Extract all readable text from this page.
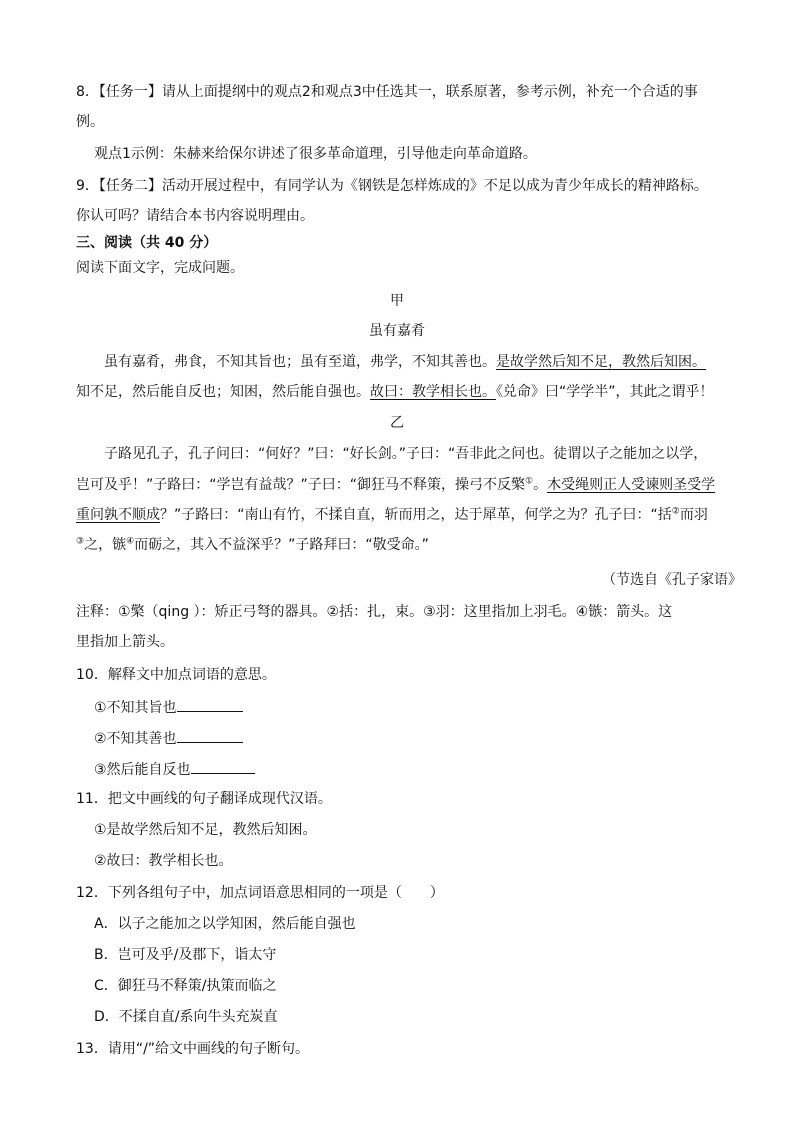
8．【任务一】请从上面提纲中的观点2和观点3中任选其一，联系原著，参考示例，补充一个合适的事
例。
观点1示例：朱赫来给保尔讲述了很多革命道理，引导他走向革命道路。
9．【任务二】活动开展过程中，有同学认为《钢铁是怎样炼成的》不足以成为青少年成长的精神路标。
你认可吗？请结合本书内容说明理由。
三、阅读（共 40 分）
阅读下面文字，完成问题。
甲
虽有嘉肴
虽有嘉肴，弗食，不知其旨也；虽有至道，弗学，不知其善也。是故学然后知不足，教然后知困。
知不足，然后能自反也；知困，然后能自强也。故曰：教学相长也。《兑命》曰“学学半”，其此之谓乎！
乙
子路见孔子，孔子问曰：“何好？”曰：“好长剑。”子曰：“吾非此之问也。徒谓以子之能加之以学，
岂可及乎！”子路曰：“学岂有益哉？”子曰：“御狂马不释策，操弓不反檠①。木受绳则正人受谏则圣受学
重问孰不顺成？”子路曰：“南山有竹，不揉自直，斩而用之，达于犀革，何学之为？孔子曰：“括②而羽
③之，镞④而砺之，其入不益深乎？”子路拜曰：“敬受命。”
（节选自《孔子家语》
注释：①檠（qing ）：矫正弓弩的器具。②括：扎，束。③羽：这里指加上羽毛。④镞：箭头。这
里指加上箭头。
10．解释文中加点词语的意思。
①不知其旨也
②不知其善也
③然后能自反也
11．把文中画线的句子翻译成现代汉语。
①是故学然后知不足，教然后知困。
②故曰：教学相长也。
12．下列各组句子中，加点词语意思相同的一项是（　　）
A．以子之能加之以学知困，然后能自强也
B．岂可及乎/及郡下，诣太守
C．御狂马不释策/执策而临之
D．不揉自直/系向牛头充炭直
13．请用“/”给文中画线的句子断句。
